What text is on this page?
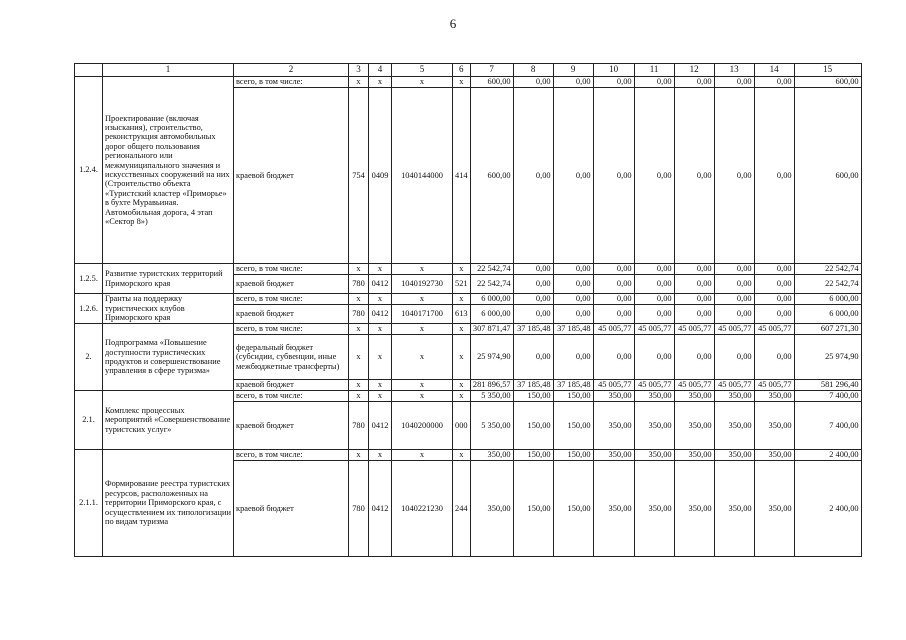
6
	1	2	3	4	5	6	7	8	9	10	11	12	13	14	15
1.2.4.	Проектирование (включая изыскания), строительство, реконструкция автомобильных дорог общего пользования регионального или межмуниципального значения и искусственных сооружений на них (Строительство объекта «Туристский кластер «Приморье» в бухте Муравьиная. Автомобильная дорога, 4 этап «Сектор 8»)	всего, в том числе:	x	x	x	x	600,00	0,00	0,00	0,00	0,00	0,00	0,00	0,00	600,00
		краевой бюджет	754	0409	1040144000	414	600,00	0,00	0,00	0,00	0,00	0,00	0,00	0,00	600,00
1.2.5.	Развитие туристских территорий Приморского края	всего, в том числе:	x	x	x	x	22 542,74	0,00	0,00	0,00	0,00	0,00	0,00	0,00	22 542,74
		краевой бюджет	780	0412	1040192730	521	22 542,74	0,00	0,00	0,00	0,00	0,00	0,00	0,00	22 542,74
1.2.6.	Гранты на поддержку туристических клубов Приморского края	всего, в том числе:	x	x	x	x	6 000,00	0,00	0,00	0,00	0,00	0,00	0,00	0,00	6 000,00
		краевой бюджет	780	0412	1040171700	613	6 000,00	0,00	0,00	0,00	0,00	0,00	0,00	0,00	6 000,00
2.	Подпрограмма «Повышение доступности туристических продуктов и совершенствование управления в сфере туризма»	всего, в том числе:	x	x	x	x	307 871,47	37 185,48	37 185,48	45 005,77	45 005,77	45 005,77	45 005,77	45 005,77	607 271,30
		федеральный бюджет (субсидии, субвенции, иные межбюджетные трансферты)	x	x	x	x	25 974,90	0,00	0,00	0,00	0,00	0,00	0,00	0,00	25 974,90
		краевой бюджет	x	x	x	x	281 896,57	37 185,48	37 185,48	45 005,77	45 005,77	45 005,77	45 005,77	45 005,77	581 296,40
2.1.	Комплекс процессных мероприятий «Совершенствование туристских услуг»	всего, в том числе:	x	x	x	x	5 350,00	150,00	150,00	350,00	350,00	350,00	350,00	350,00	7 400,00
		краевой бюджет	780	0412	1040200000	000	5 350,00	150,00	150,00	350,00	350,00	350,00	350,00	350,00	7 400,00
2.1.1.	Формирование реестра туристских ресурсов, расположенных на территории Приморского края, с осуществлением их типологизации по видам туризма	всего, в том числе:	x	x	x	x	350,00	150,00	150,00	350,00	350,00	350,00	350,00	350,00	2 400,00
		краевой бюджет	780	0412	1040221230	244	350,00	150,00	150,00	350,00	350,00	350,00	350,00	350,00	2 400,00
